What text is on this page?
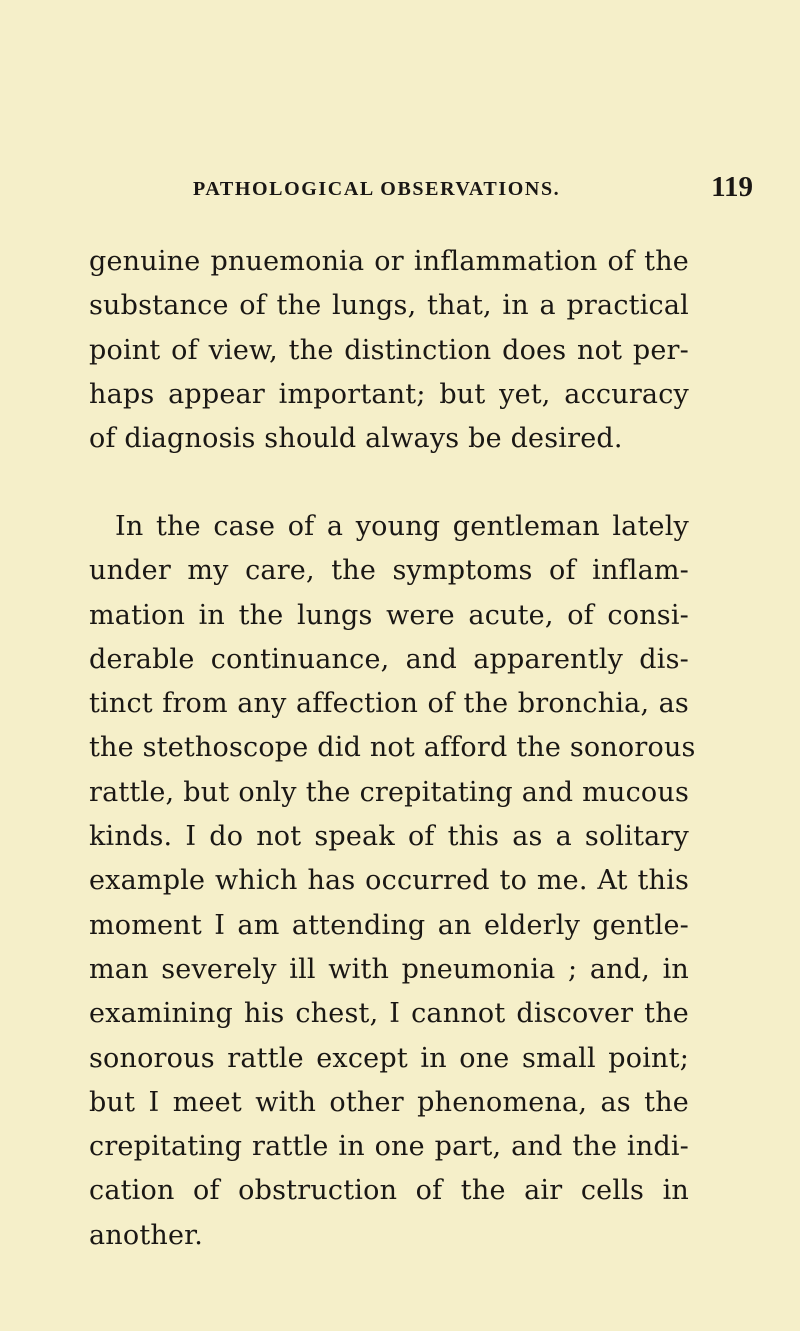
PATHOLOGICAL OBSERVATIONS.	119
genuine pnuemonia or inflammation of the
substance of the lungs, that, in a practical
point of view, the distinction does not per-
haps appear important; but yet, accuracy
of diagnosis should always be desired.
In the case of a young gentleman lately
under my care, the symptoms of inflam-
mation in the lungs were acute, of consi-
derable continuance, and apparently dis-
tinct from any affection of the bronchia, as
the stethoscope did not afford the sonorous
rattle, but only the crepitating and mucous
kinds. I do not speak of this as a solitary
example which has occurred to me. At this
moment I am attending an elderly gentle-
man severely ill with pneumonia ; and, in
examining his chest, I cannot discover the
sonorous rattle except in one small point;
but I meet with other phenomena, as the
crepitating rattle in one part, and the indi-
cation of obstruction of the air cells in
another.
